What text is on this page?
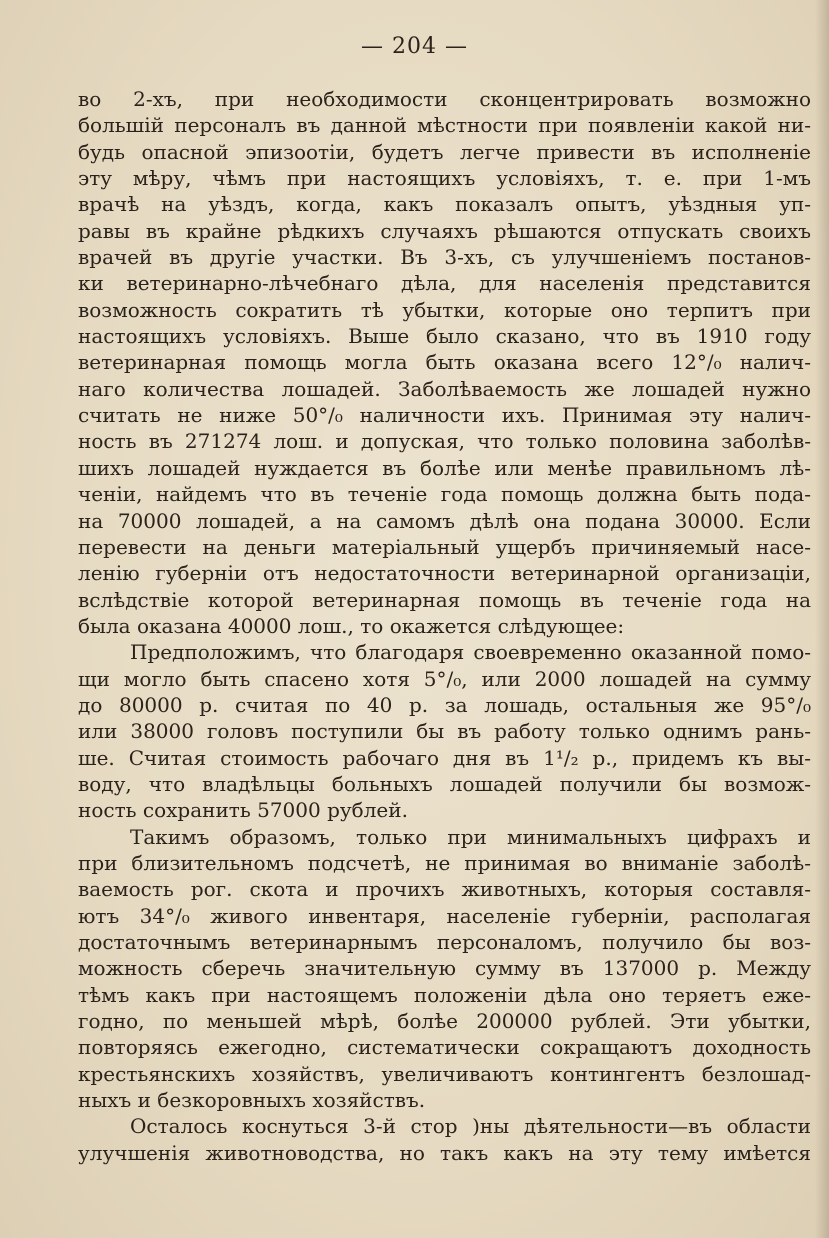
— 204 —
во 2-хъ, при необходимости сконцентрировать возможно
большій персоналъ въ данной мѣстности при появленіи какой ни-
будь опасной эпизоотіи, будетъ легче привести въ исполненіе
эту мѣру, чѣмъ при настоящихъ условіяхъ, т. е. при 1-мъ
врачѣ на уѣздъ, когда, какъ показалъ опытъ, уѣздныя уп-
равы въ крайне рѣдкихъ случаяхъ рѣшаются отпускать своихъ
врачей въ другіе участки. Въ 3-хъ, съ улучшеніемъ постанов-
ки ветеринарно-лѣчебнаго дѣла, для населенія представится
возможность сократить тѣ убытки, которые оно терпитъ при
настоящихъ условіяхъ. Выше было сказано, что въ 1910 году
ветеринарная помощь могла быть оказана всего 12°/₀ налич-
наго количества лошадей. Заболѣваемость же лошадей нужно
считать не ниже 50°/₀ наличности ихъ. Принимая эту налич-
ность въ 271274 лош. и допуская, что только половина заболѣв-
шихъ лошадей нуждается въ болѣе или менѣе правильномъ лѣ-
ченіи, найдемъ что въ теченіе года помощь должна быть пода-
на 70000 лошадей, а на самомъ дѣлѣ она подана 30000. Если
перевести на деньги матеріальный ущербъ причиняемый насе-
ленію губерніи отъ недостаточности ветеринарной организаціи,
вслѣдствіе которой ветеринарная помощь въ теченіе года на
была оказана 40000 лош., то окажется слѣдующее:
Предположимъ, что благодаря своевременно оказанной помо-
щи могло быть спасено хотя 5°/₀, или 2000 лошадей на сумму
до 80000 р. считая по 40 р. за лошадь, остальныя же 95°/₀
или 38000 головъ поступили бы въ работу только однимъ рань-
ше. Считая стоимость рабочаго дня въ 1¹/₂ р., придемъ къ вы-
воду, что владѣльцы больныхъ лошадей получили бы возмож-
ность сохранить 57000 рублей.
Такимъ образомъ, только при минимальныхъ цифрахъ и
при близительномъ подсчетѣ, не принимая во вниманіе заболѣ-
ваемость рог. скота и прочихъ животныхъ, которыя составля-
ютъ 34°/₀ живого инвентаря, населеніе губерніи, располагая
достаточнымъ ветеринарнымъ персоналомъ, получило бы воз-
можность сберечь значительную сумму въ 137000 р. Между
тѣмъ какъ при настоящемъ положеніи дѣла оно теряетъ еже-
годно, по меньшей мѣрѣ, болѣе 200000 рублей. Эти убытки,
повторяясь ежегодно, систематически сокращаютъ доходность
крестьянскихъ хозяйствъ, увеличиваютъ контингентъ безлошад-
ныхъ и безкоровныхъ хозяйствъ.
Осталось коснуться 3-й стор )ны дѣятельности—въ области
улучшенія животноводства, но такъ какъ на эту тему имѣется
